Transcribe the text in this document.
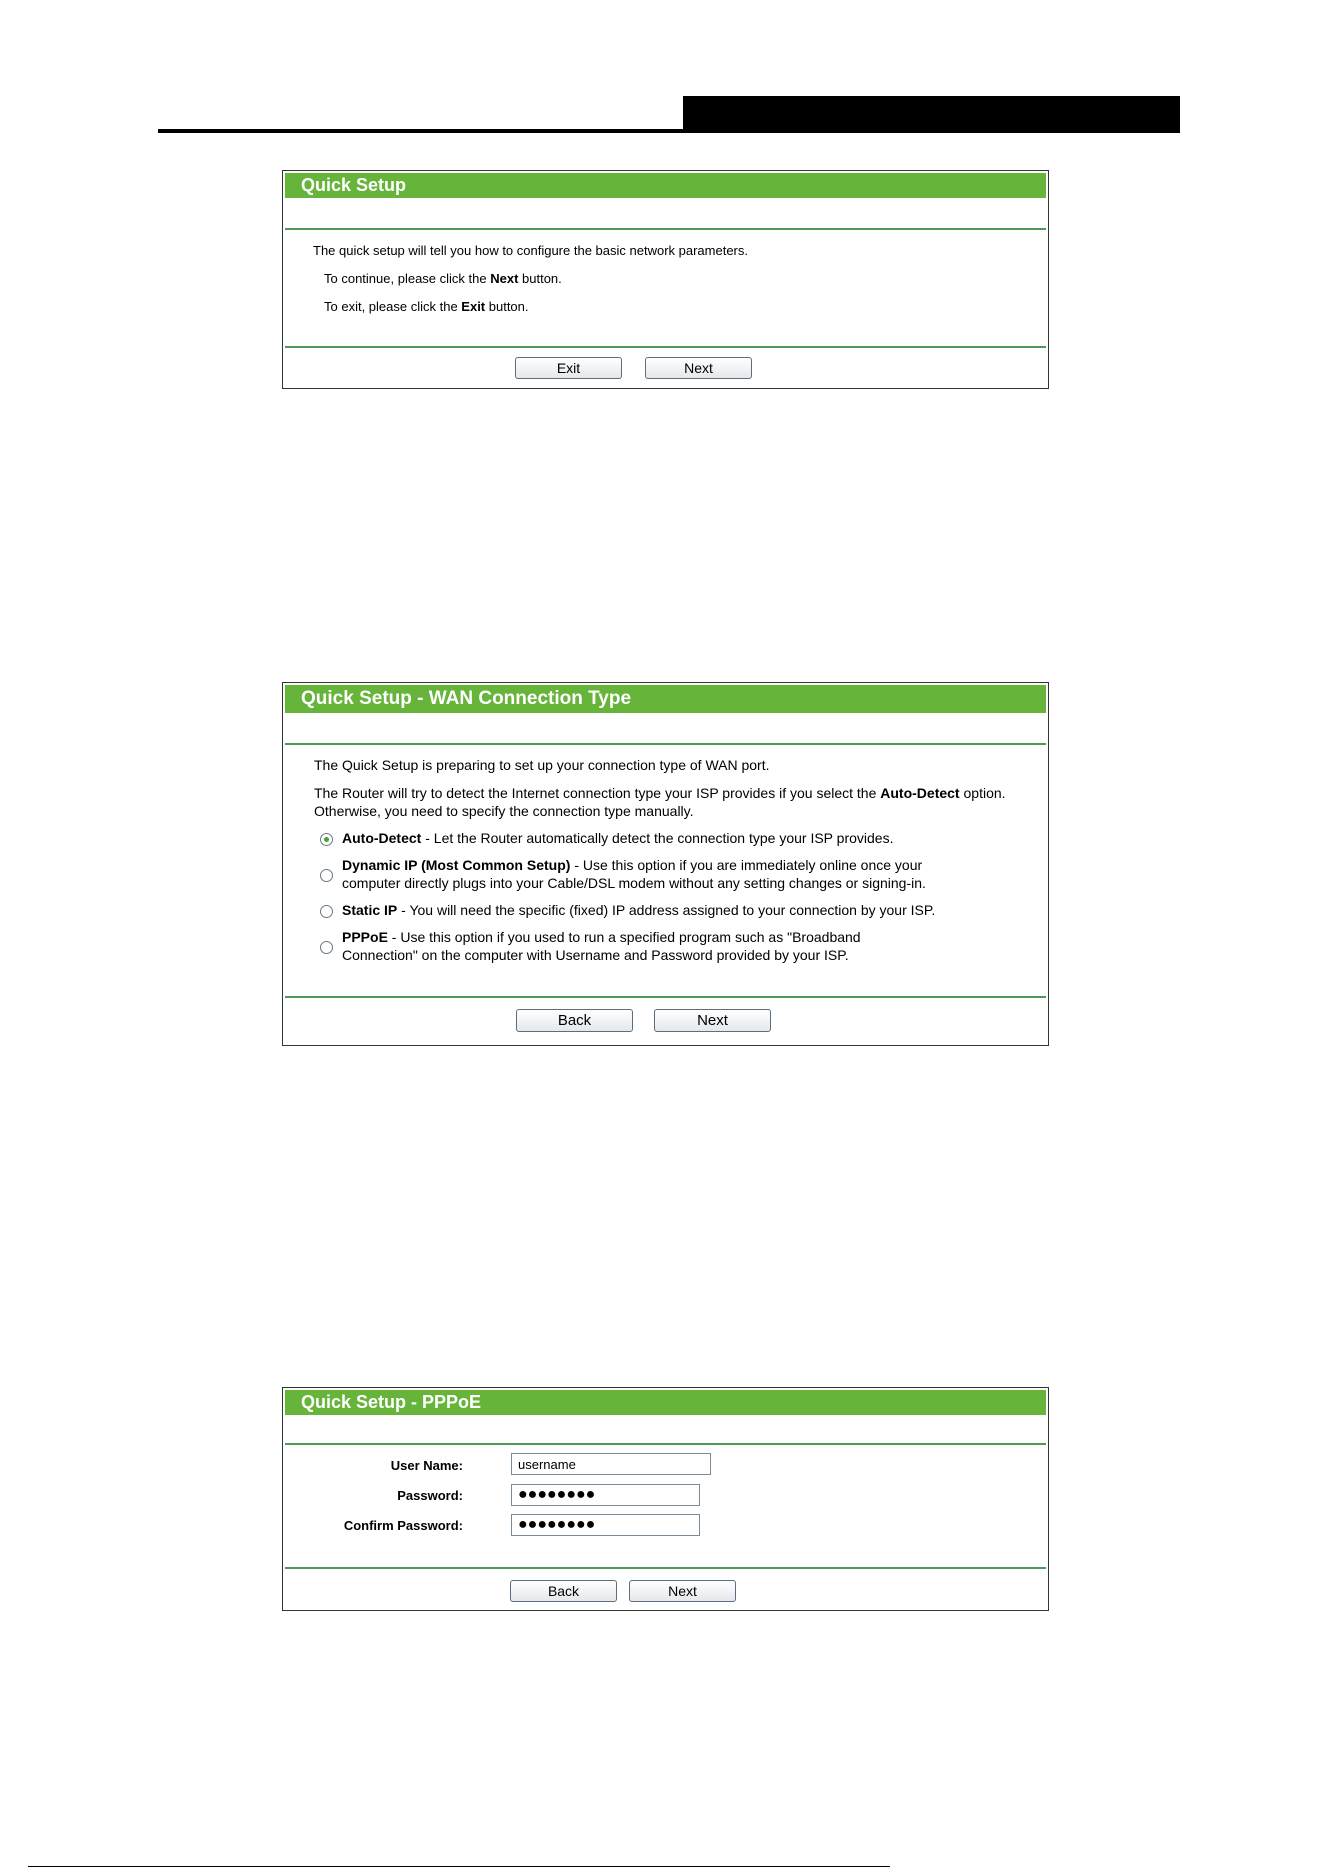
Quick Setup
The quick setup will tell you how to configure the basic network parameters.
To continue, please click the Next button.
To exit, please click the Exit button.
Exit	Next
Quick Setup - WAN Connection Type
The Quick Setup is preparing to set up your connection type of WAN port.
The Router will try to detect the Internet connection type your ISP provides if you select the Auto-Detect option.
Otherwise, you need to specify the connection type manually.
Auto-Detect - Let the Router automatically detect the connection type your ISP provides.
Dynamic IP (Most Common Setup) - Use this option if you are immediately online once your
computer directly plugs into your Cable/DSL modem without any setting changes or signing-in.
Static IP - You will need the specific (fixed) IP address assigned to your connection by your ISP.
PPPoE - Use this option if you used to run a specified program such as "Broadband
Connection" on the computer with Username and Password provided by your ISP.
Back	Next
Quick Setup - PPPoE
User Name:
username
Password:
●●●●●●●●
Confirm Password:
●●●●●●●●
Back	Next
